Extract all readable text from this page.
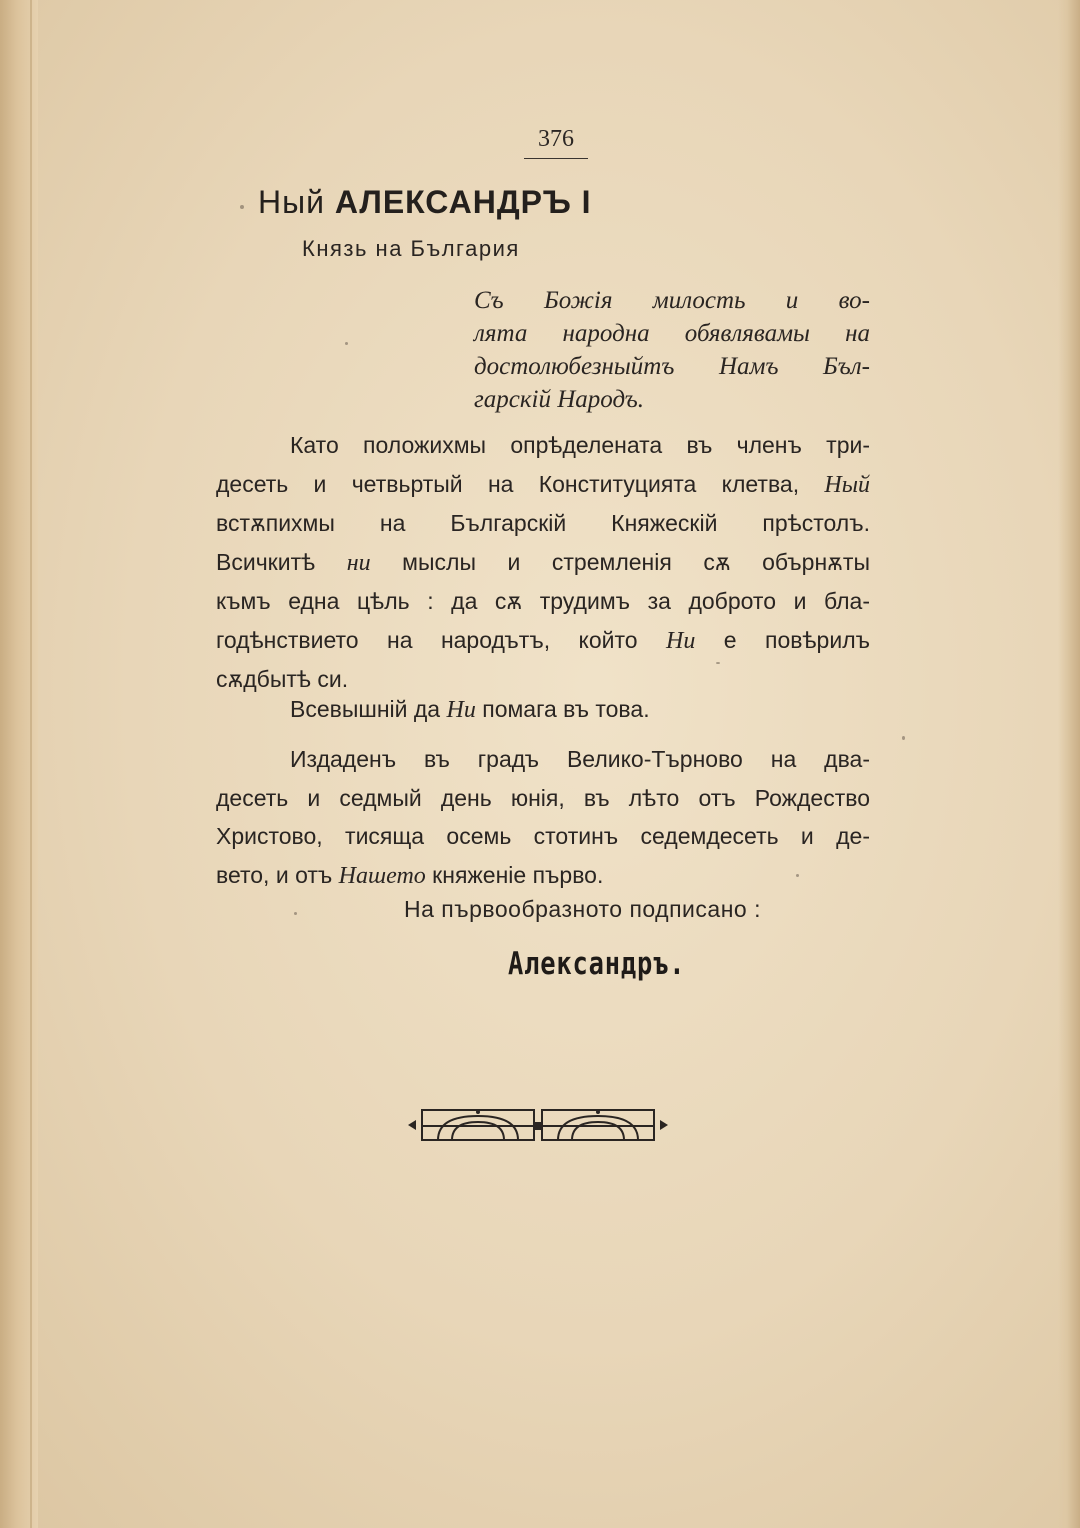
376
Ный АЛЕКСАНДРЪ I
Князь на България
Съ Божія милость и во-
лята народна обявлявамы на
достолюбезныйтъ Намъ Бъл-
гарскій Народъ.
Като положихмы опрѣделената въ членъ три-
десеть и четвьртый на Конституцията клетва, Ный
встѫпихмы на Българскій Княжескій прѣстолъ.
Всичкитѣ ни мыслы и стремленія сѫ обърнѫты
къмъ една цѣль : да сѫ трудимъ за доброто и бла-
годѣнствието на народътъ, който Ни е повѣрилъ
сѫдбытѣ си.
Всевышній да Ни помага въ това.
Издаденъ въ градъ Велико-Търново на два-
десеть и седмый день юнія, въ лѣто отъ Рождество
Христово, тисяща осемь стотинъ седемдесеть и де-
вето, и отъ Нашето княженіе първо.
На първообразното подписано :
Александръ.
